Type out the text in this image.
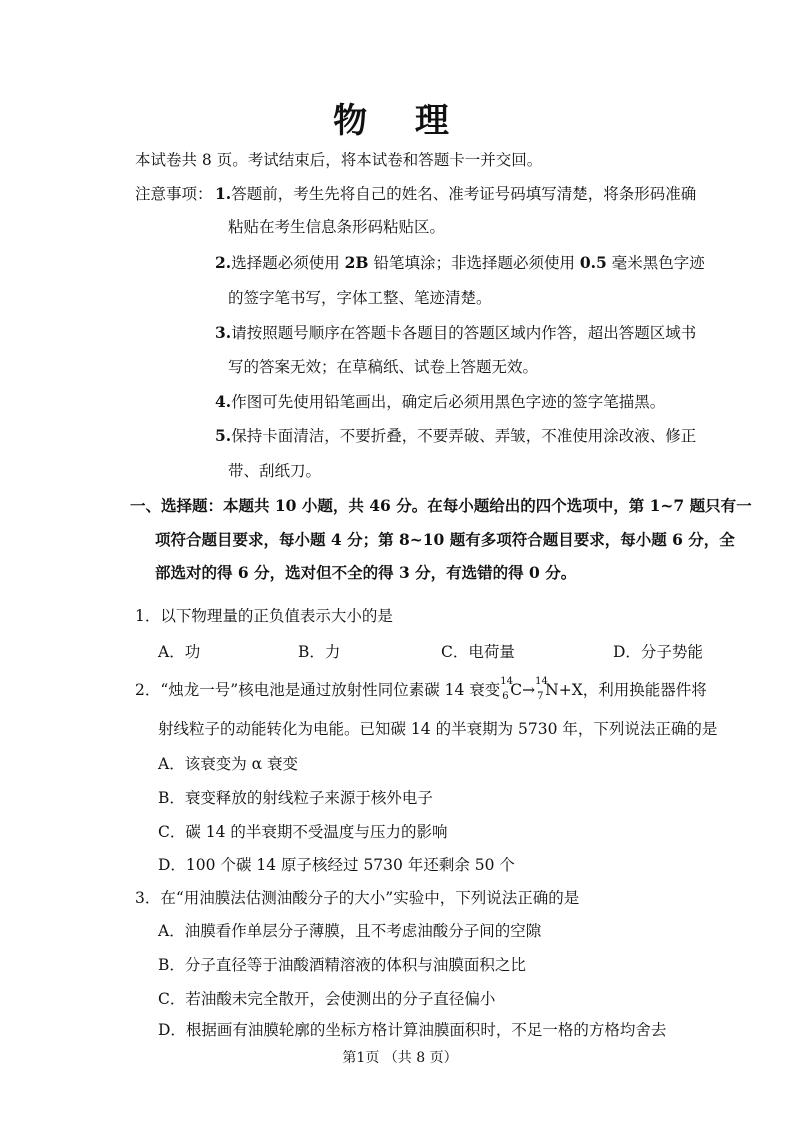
物 理
本试卷共 8 页。考试结束后，将本试卷和答题卡一并交回。
注意事项： 1.答题前，考生先将自己的姓名、准考证号码填写清楚，将条形码准确
粘贴在考生信息条形码粘贴区。
2.选择题必须使用 2B 铅笔填涂；非选择题必须使用 0.5 毫米黑色字迹
的签字笔书写，字体工整、笔迹清楚。
3.请按照题号顺序在答题卡各题目的答题区域内作答，超出答题区域书
写的答案无效；在草稿纸、试卷上答题无效。
4.作图可先使用铅笔画出，确定后必须用黑色字迹的签字笔描黑。
5.保持卡面清洁，不要折叠，不要弄破、弄皱，不准使用涂改液、修正
带、刮纸刀。
一、选择题：本题共 10 小题，共 46 分。在每小题给出的四个选项中，第 1~7 题只有一
项符合题目要求，每小题 4 分；第 8~10 题有多项符合题目要求，每小题 6 分，全
部选对的得 6 分，选对但不全的得 3 分，有选错的得 0 分。
1．以下物理量的正负值表示大小的是
A．功	B．力	C．电荷量	D．分子势能
2．“烛龙一号”核电池是通过放射性同位素碳 14 衰变 14
6 C→ 14
7 N+X，利用换能器件将
射线粒子的动能转化为电能。已知碳 14 的半衰期为 5730 年，下列说法正确的是
A．该衰变为 α 衰变
B．衰变释放的射线粒子来源于核外电子
C．碳 14 的半衰期不受温度与压力的影响
D．100 个碳 14 原子核经过 5730 年还剩余 50 个
3．在“用油膜法估测油酸分子的大小”实验中，下列说法正确的是
A．油膜看作单层分子薄膜，且不考虑油酸分子间的空隙
B．分子直径等于油酸酒精溶液的体积与油膜面积之比
C．若油酸未完全散开，会使测出的分子直径偏小
D．根据画有油膜轮廓的坐标方格计算油膜面积时，不足一格的方格均舍去
第1页 （共 8 页）
